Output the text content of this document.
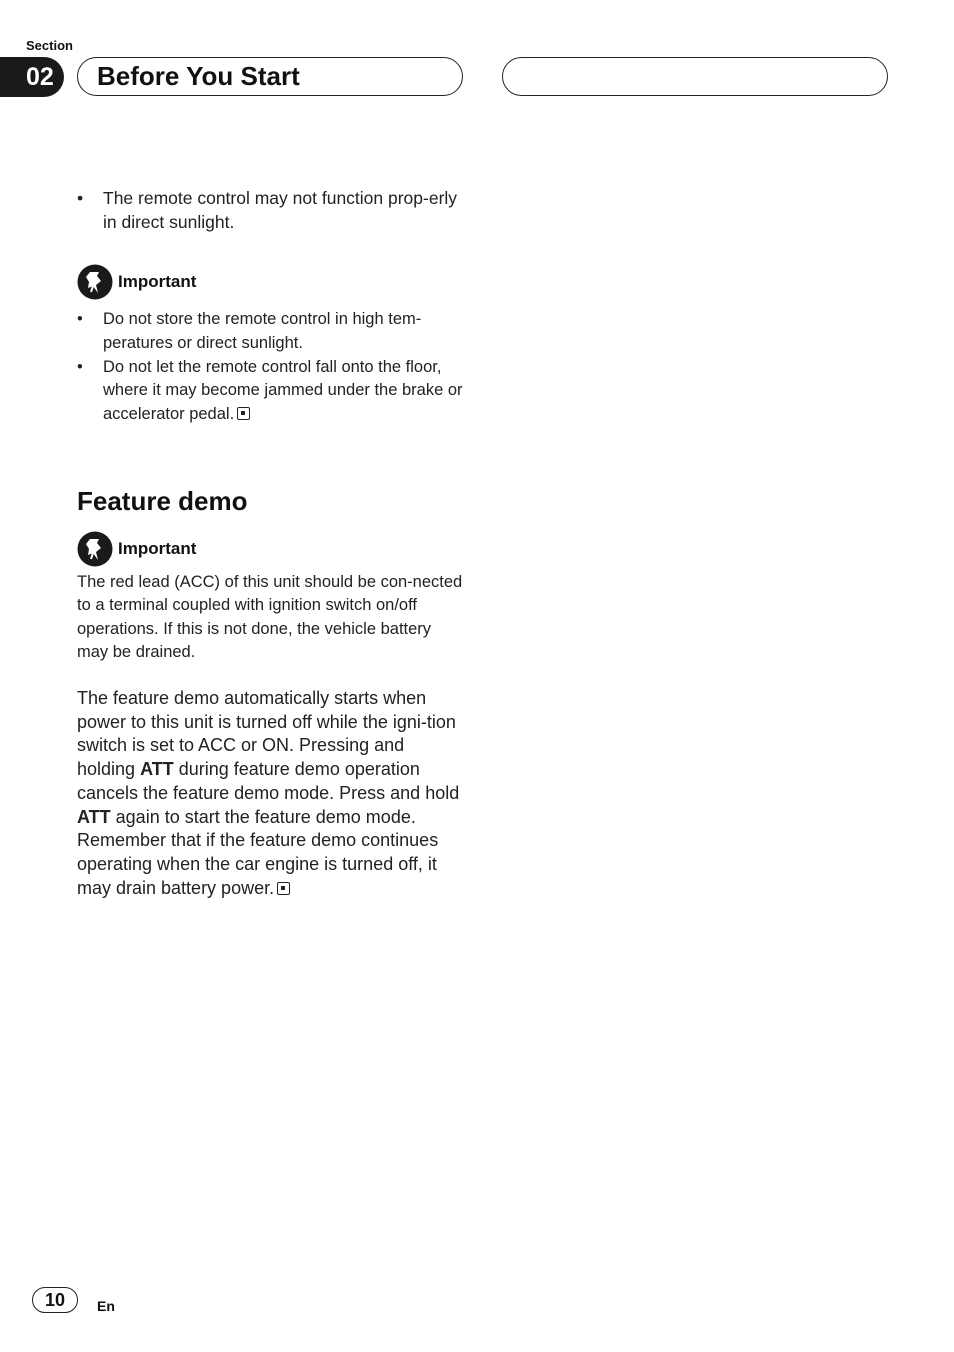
Section
02	Before You Start
• The remote control may not function prop-erly in direct sunlight.
Important
• Do not store the remote control in high tem-peratures or direct sunlight.
• Do not let the remote control fall onto the floor, where it may become jammed under the brake or accelerator pedal.
Feature demo
Important

The red lead (ACC) of this unit should be con-nected to a terminal coupled with ignition switch on/off operations. If this is not done, the vehicle battery may be drained.

The feature demo automatically starts when power to this unit is turned off while the igni-tion switch is set to ACC or ON. Pressing and holding ATT during feature demo operation cancels the feature demo mode. Press and hold ATT again to start the feature demo mode. Remember that if the feature demo continues operating when the car engine is turned off, it may drain battery power.

10	En
